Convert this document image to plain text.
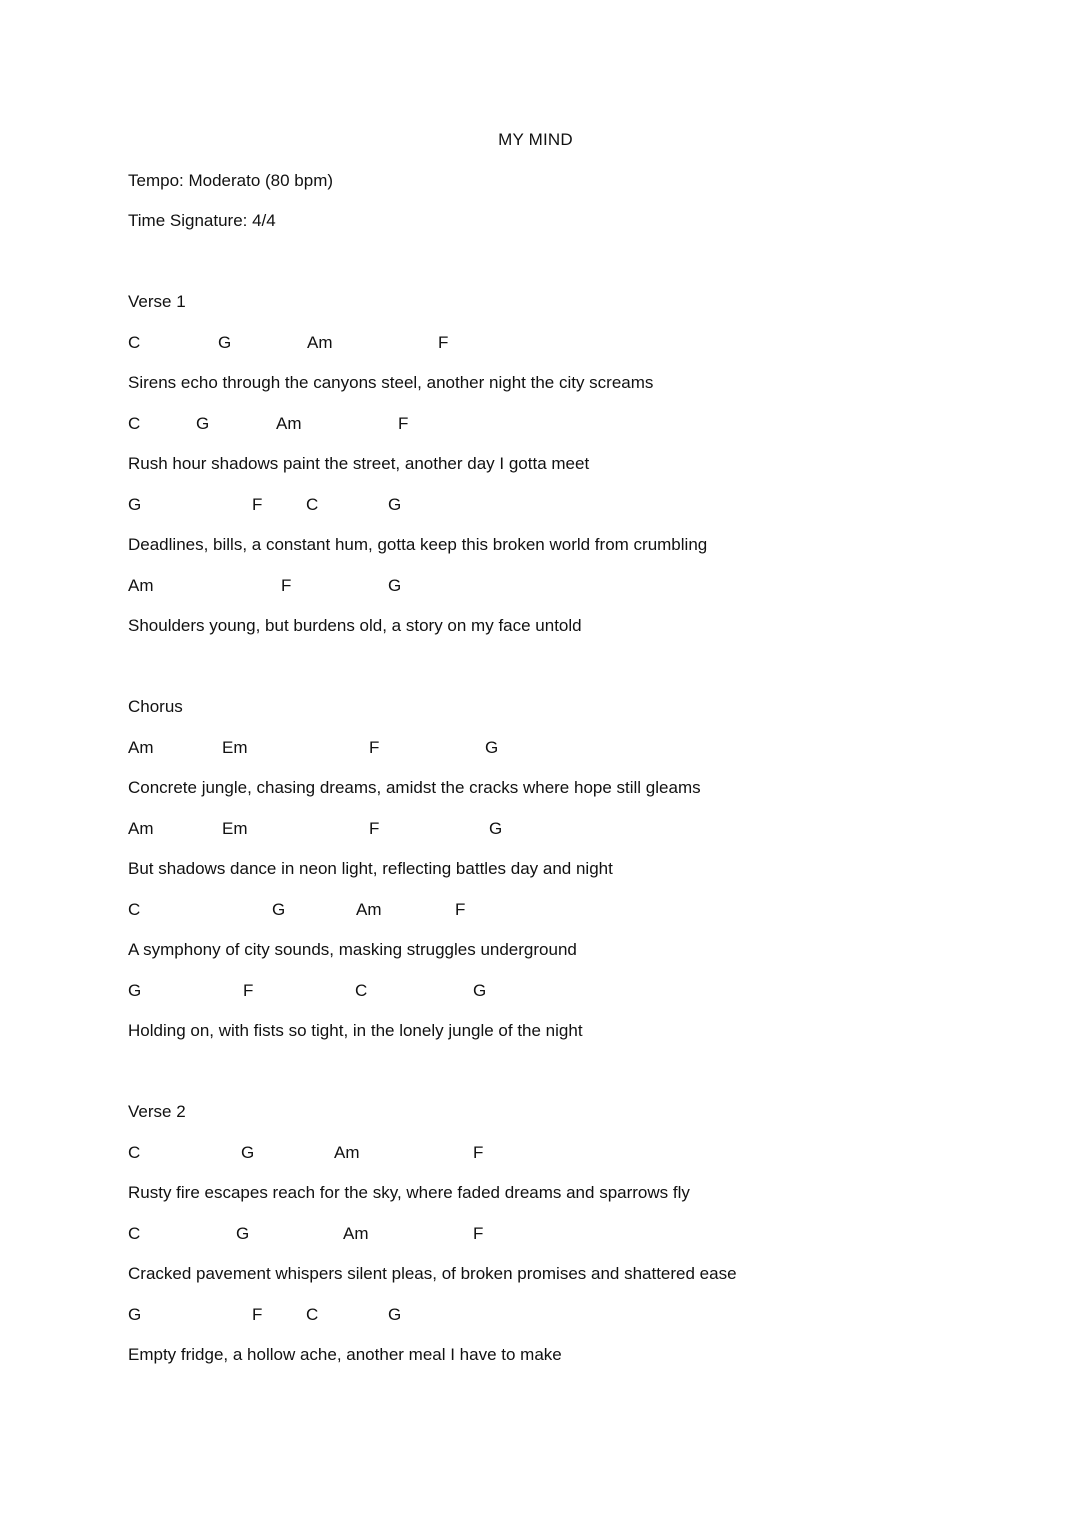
MY MIND
Tempo: Moderato (80 bpm)
Time Signature: 4/4
Verse 1
C	G	Am	F
Sirens echo through the canyons steel, another night the city screams
C	G	Am	F
Rush hour shadows paint the street, another day I gotta meet
G	F	C	G
Deadlines, bills, a constant hum, gotta keep this broken world from crumbling
Am	F	G
Shoulders young, but burdens old, a story on my face untold
Chorus
Am	Em	F	G
Concrete jungle, chasing dreams, amidst the cracks where hope still gleams
Am	Em	F	G
But shadows dance in neon light, reflecting battles day and night
C	G	Am	F
A symphony of city sounds, masking struggles underground
G	F	C	G
Holding on, with fists so tight, in the lonely jungle of the night
Verse 2
C	G	Am	F
Rusty fire escapes reach for the sky, where faded dreams and sparrows fly
C	G	Am	F
Cracked pavement whispers silent pleas, of broken promises and shattered ease
G	F	C	G
Empty fridge, a hollow ache, another meal I have to make
